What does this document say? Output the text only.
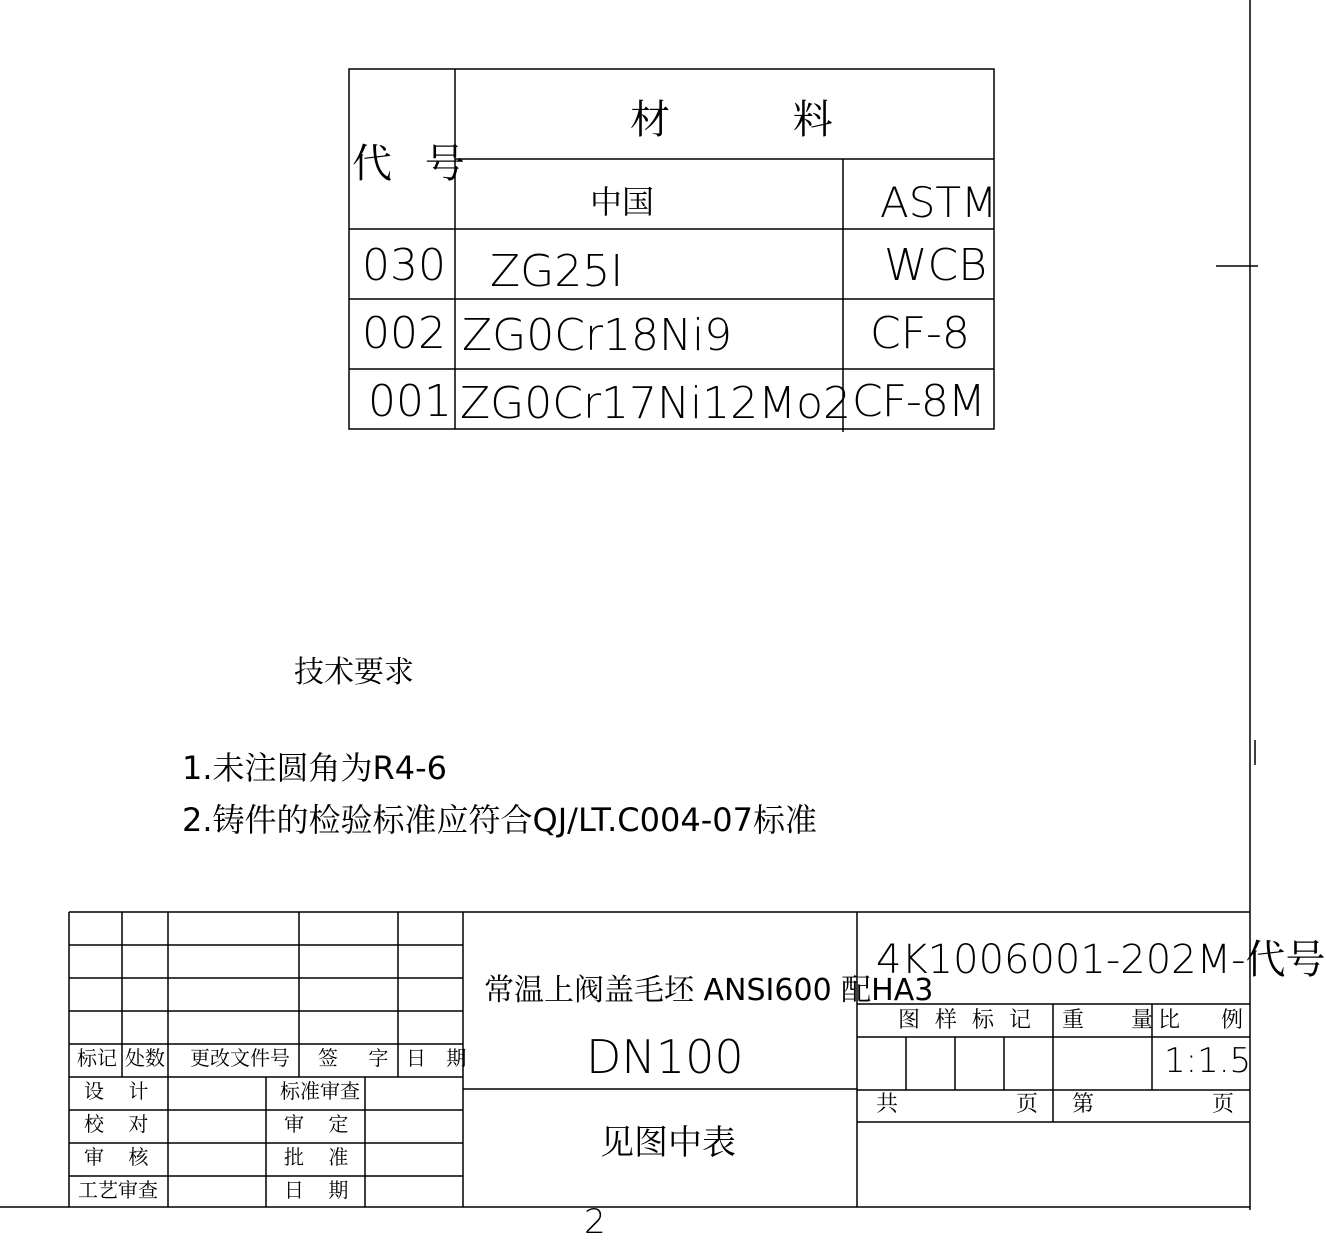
代 号
材 料
中国	ASTM
030 ZG25I	WCB
002 ZG0Cr18Ni9	CF-8
001 ZG0Cr17Ni12Mo2 CF-8M
技术要求
1.未注圆角为R4-6
2.铸件的检验标准应符合QJ/LT.C004-07标准
标记 处数 更改文件号 签 字 日 期
设 计
校 对
审 核
工艺审查
标准审查
审 定
批 准
日 期
常温上阀盖毛坯 ANSI600 配HA3
DN100
见图中表
4K1006001-202M-代号
图 样 标 记 重 量 比 例
1:1.5
共	页 第	页
2
